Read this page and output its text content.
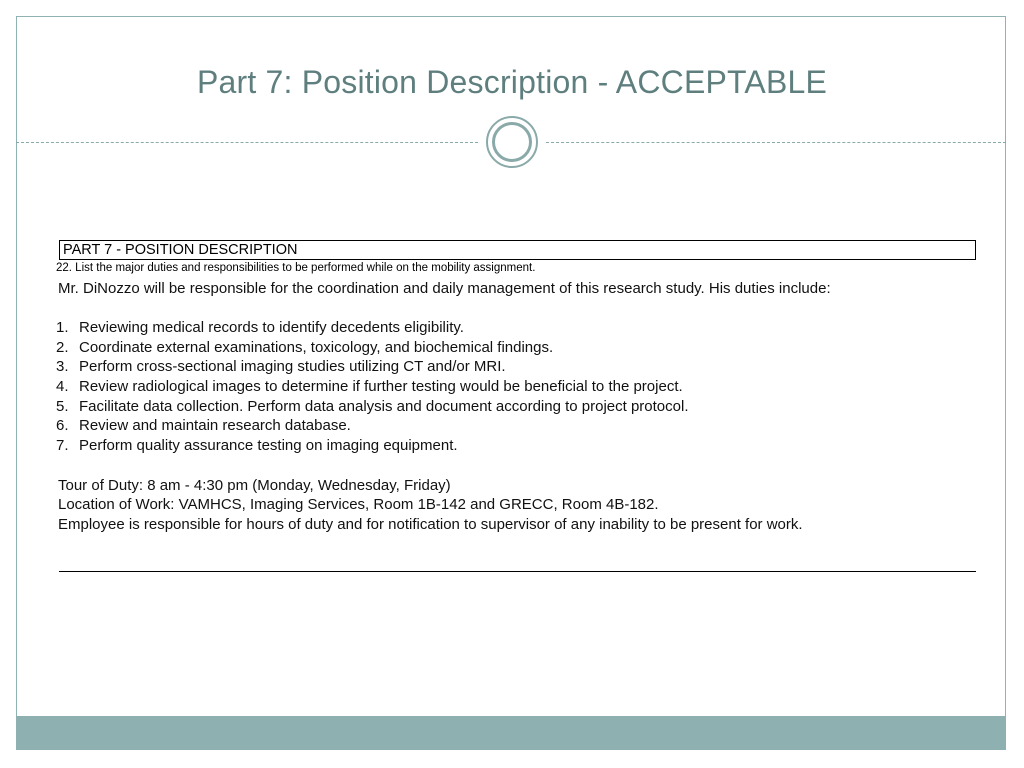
Part 7: Position Description - ACCEPTABLE
PART 7 - POSITION DESCRIPTION
22. List the major duties and responsibilities to be performed while on the mobility assignment.
Mr. DiNozzo will be responsible for the coordination and daily management of this research study. His duties include:
1. Reviewing medical records to identify decedents eligibility.
2. Coordinate external examinations, toxicology, and biochemical findings.
3. Perform cross-sectional imaging studies utilizing CT and/or MRI.
4. Review radiological images to determine if further testing would be beneficial to the project.
5. Facilitate data collection. Perform data analysis and document according to project protocol.
6. Review and maintain research database.
7. Perform quality assurance testing on imaging equipment.
Tour of Duty: 8 am - 4:30 pm (Monday, Wednesday, Friday)
Location of Work: VAMHCS, Imaging Services, Room 1B-142 and GRECC, Room 4B-182.
Employee is responsible for hours of duty and for notification to supervisor of any inability to be present for work.
